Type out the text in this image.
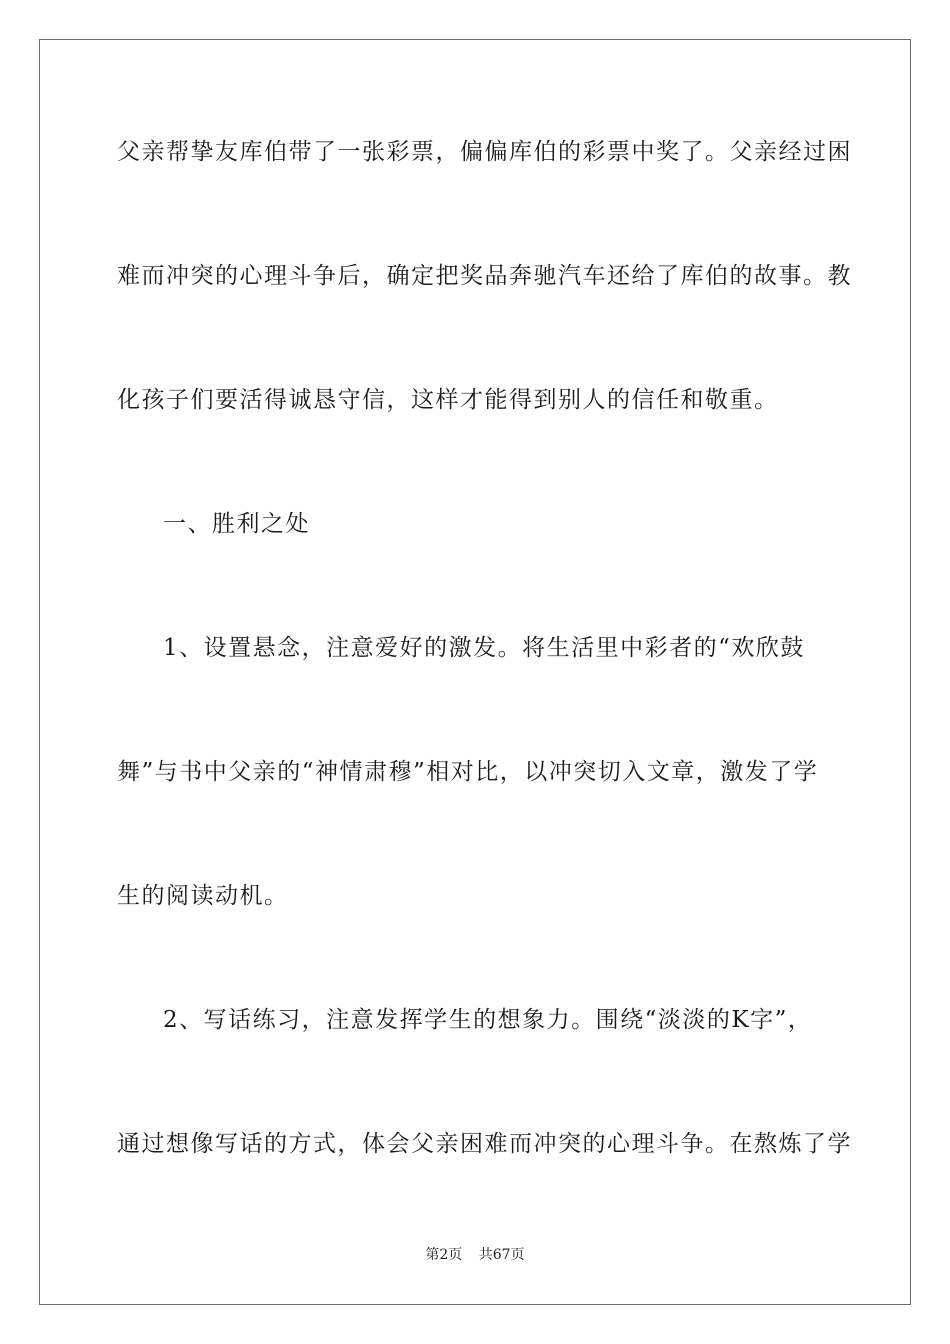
父亲帮挚友库伯带了一张彩票，偏偏库伯的彩票中奖了。父亲经过困
难而冲突的心理斗争后，确定把奖品奔驰汽车还给了库伯的故事。教
化孩子们要活得诚恳守信，这样才能得到别人的信任和敬重。
一、胜利之处
1、设置悬念，注意爱好的激发。将生活里中彩者的“欢欣鼓
舞”与书中父亲的“神情肃穆”相对比，以冲突切入文章，激发了学
生的阅读动机。
2、写话练习，注意发挥学生的想象力。围绕“淡淡的K字”，
通过想像写话的方式，体会父亲困难而冲突的心理斗争。在熬炼了学
第2页 共67页
